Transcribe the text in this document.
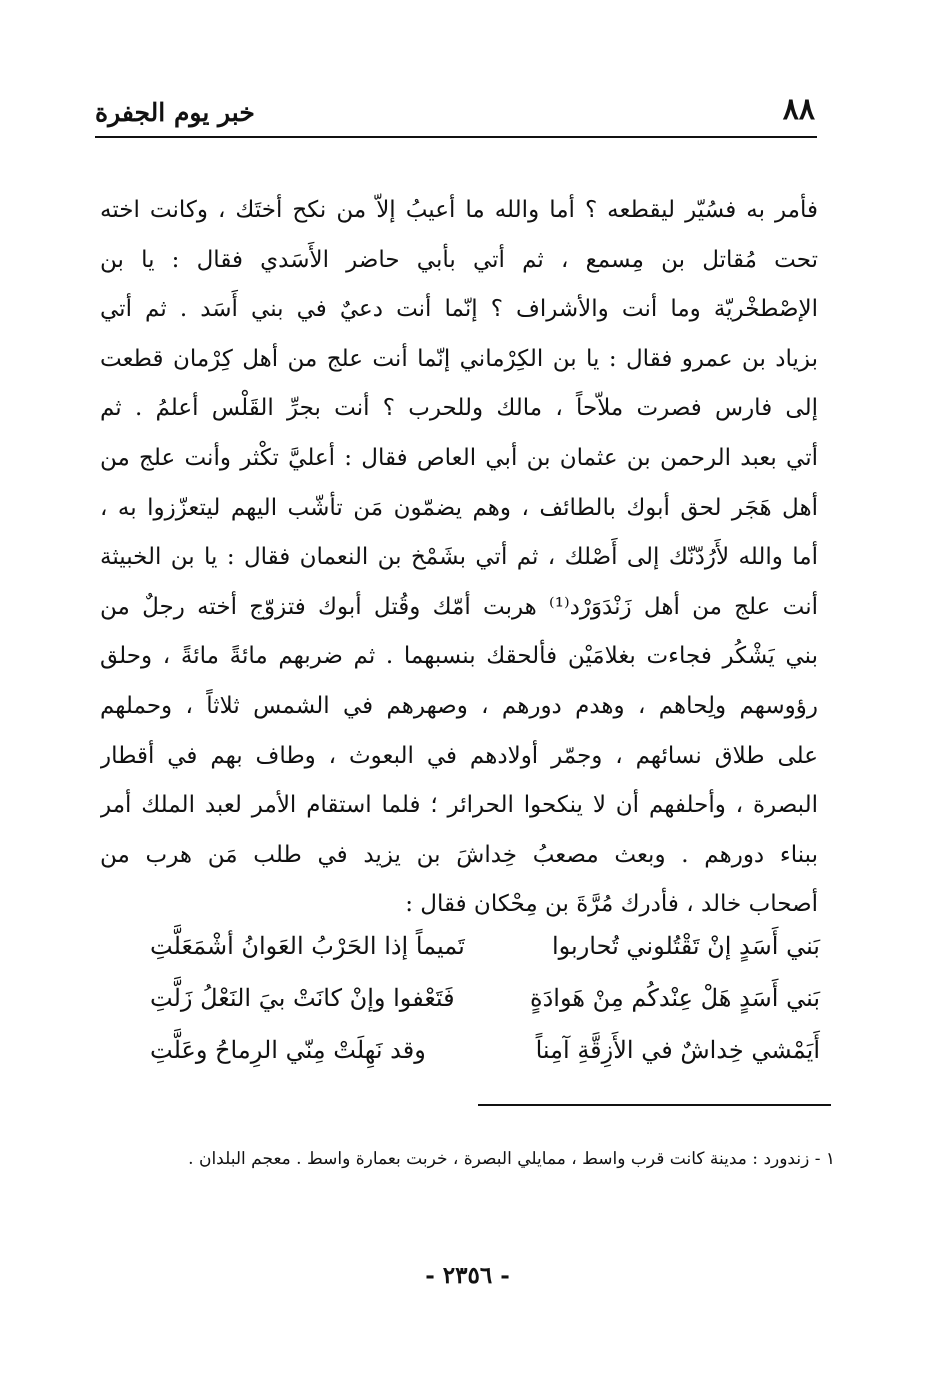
٨٨
خبر يوم الجفرة
فأمر به فسُيّر ليقطعه ؟ أما والله ما أعيبُ إلاّ من نكح أختَك ، وكانت اخته
تحت مُقاتل بن مِسمع ، ثم أتي بأبي حاضر الأَسَدي فقال : يا بن
الإصْطخْريّة وما أنت والأشراف ؟ إنّما أنت دعيٌ في بني أَسَد . ثم أتي
بزياد بن عمرو فقال : يا بن الكِرْماني إنّما أنت علج من أهل كِرْمان قطعت
إلى فارس فصرت ملاّحاً ، مالك وللحرب ؟ أنت بجرِّ القَلْس أعلمُ . ثم
أتي بعبد الرحمن بن عثمان بن أبي العاص فقال : أعليَّ تكْثر وأنت علج من
أهل هَجَر لحق أبوك بالطائف ، وهم يضمّون مَن تأشّب اليهم ليتعزّزوا به ،
أما والله لأَرُدّنّك إلى أَصْلك ، ثم أتي بشَمْخ بن النعمان فقال : يا بن الخبيثة
أنت علج من أهل زَنْدَوَرْد⁽¹⁾ هربت أمّك وقُتل أبوك فتزوّج أخته رجلٌ من
بني يَشْكُر فجاءت بغلامَيْن فألحقك بنسبهما . ثم ضربهم مائةً مائةً ، وحلق
رؤوسهم ولِحاهم ، وهدم دورهم ، وصهرهم في الشمس ثلاثاً ، وحملهم
على طلاق نسائهم ، وجمّر أولادهم في البعوث ، وطاف بهم في أقطار
البصرة ، وأحلفهم أن لا ينكحوا الحرائر ؛ فلما استقام الأمر لعبد الملك أمر
ببناء دورهم . وبعث مصعبُ خِداشَ بن يزيد في طلب مَن هرب من
أصحاب خالد ، فأدرك مُرَّةَ بن مِحْكان فقال :
بَني أَسَدٍ إنْ تَقْتُلوني تُحاربوا
تَميماً إذا الحَرْبُ العَوانُ أشْمَعَلَّتِ
بَني أَسَدٍ هَلْ عِنْدكُم مِنْ هَوادَةٍ
فَتَعْفوا وإنْ كانَتْ بيَ النَعْلُ زَلَّتِ
أَيَمْشي خِداشٌ في الأَزِقَّةِ آمِناً
وقد نَهِلَتْ مِنّي الرِماحُ وعَلَّتِ
١ - زندورد : مدينة كانت قرب واسط ، ممايلي البصرة ، خربت بعمارة واسط . معجم البلدان .
- ٢٣٥٦ -
